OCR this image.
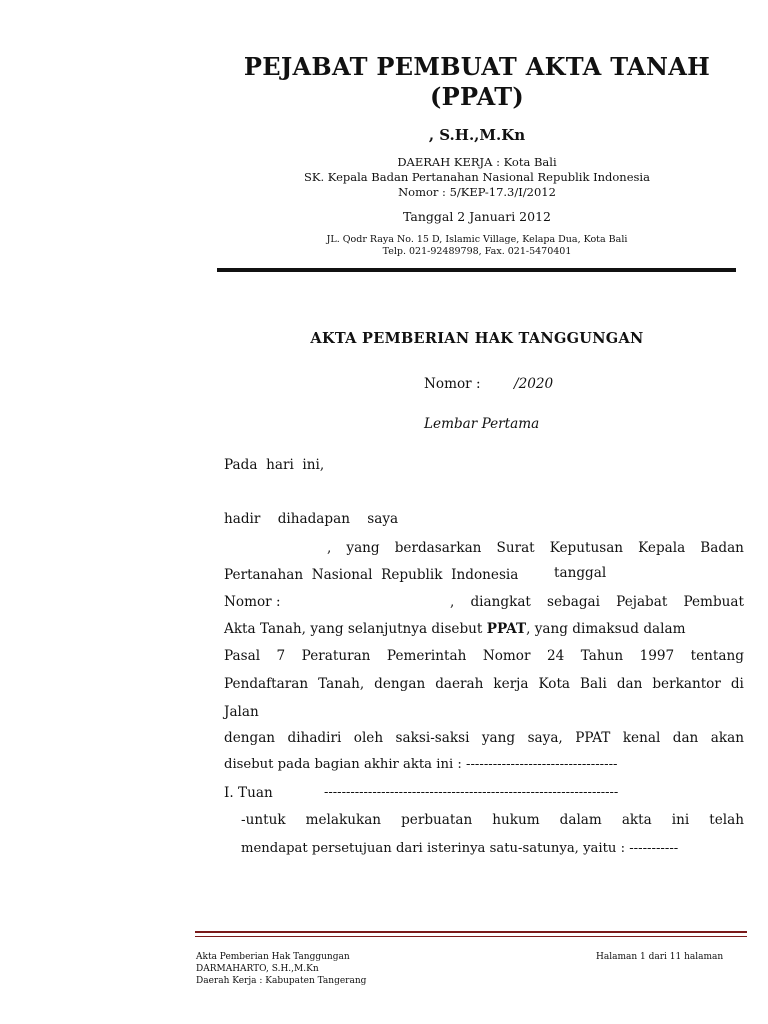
PEJABAT PEMBUAT AKTA TANAH
(PPAT)
, S.H.,M.Kn
DAERAH KERJA : Kota Bali
SK. Kepala Badan Pertanahan Nasional Republik Indonesia
Nomor : 5/KEP-17.3/I/2012
Tanggal 2 Januari 2012
JL. Qodr Raya No. 15 D, Islamic Village, Kelapa Dua, Kota Bali
Telp. 021-92489798, Fax. 021-5470401
AKTA PEMBERIAN HAK TANGGUNGAN
Nomor : /2020
Lembar Pertama
Pada  hari  ini,
hadir    dihadapan    saya
, yang berdasarkan Surat Keputusan Kepala Badan
Pertanahan  Nasional  Republik  Indonesia	tanggal
Nomor :	, diangkat sebagai Pejabat Pembuat
Akta Tanah, yang selanjutnya disebut PPAT, yang dimaksud dalam
Pasal 7 Peraturan Pemerintah Nomor 24 Tahun 1997 tentang
Pendaftaran Tanah, dengan daerah kerja Kota Bali dan berkantor di
Jalan
dengan dihadiri oleh saksi-saksi yang saya, PPAT kenal dan akan
disebut pada bagian akhir akta ini : ----------------------------------
I. Tuan	-------------------------------------------------------------------
-untuk melakukan perbuatan hukum dalam akta ini telah
mendapat persetujuan dari isterinya satu-satunya, yaitu : -----------
Akta Pemberian Hak Tanggungan
DARMAHARTO, S.H.,M.Kn
Daerah Kerja : Kabupaten Tangerang
Halaman 1 dari 11 halaman
